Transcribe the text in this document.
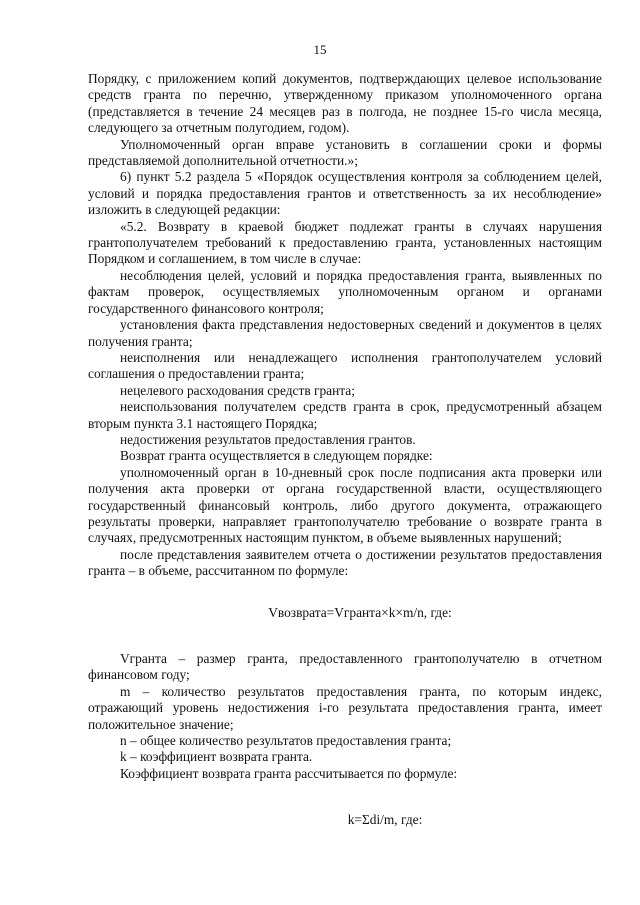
15

Порядку, с приложением копий документов, подтверждающих целевое использование средств гранта по перечню, утвержденному приказом уполномоченного органа (представляется в течение 24 месяцев раз в полгода, не позднее 15-го числа месяца, следующего за отчетным полугодием, годом).

Уполномоченный орган вправе установить в соглашении сроки и формы представляемой дополнительной отчетности.»;

6) пункт 5.2 раздела 5 «Порядок осуществления контроля за соблюдением целей, условий и порядка предоставления грантов и ответственность за их несоблюдение» изложить в следующей редакции:

«5.2. Возврату в краевой бюджет подлежат гранты в случаях нарушения грантополучателем требований к предоставлению гранта, установленных настоящим Порядком и соглашением, в том числе в случае:

несоблюдения целей, условий и порядка предоставления гранта, выявленных по фактам проверок, осуществляемых уполномоченным органом и органами государственного финансового контроля;

установления факта представления недостоверных сведений и документов в целях получения гранта;

неисполнения или ненадлежащего исполнения грантополучателем условий соглашения о предоставлении гранта;

нецелевого расходования средств гранта;

неиспользования получателем средств гранта в срок, предусмотренный абзацем вторым пункта 3.1 настоящего Порядка;

недостижения результатов предоставления грантов.

Возврат гранта осуществляется в следующем порядке:

уполномоченный орган в 10-дневный срок после подписания акта проверки или получения акта проверки от органа государственной власти, осуществляющего государственный финансовый контроль, либо другого документа, отражающего результаты проверки, направляет грантополучателю требование о возврате гранта в случаях, предусмотренных настоящим пунктом, в объеме выявленных нарушений;

после представления заявителем отчета о достижении результатов предоставления гранта – в объеме, рассчитанном по формуле:

Vвозврата=Vгранта×k×m/n, где:

Vгранта – размер гранта, предоставленного грантополучателю в отчетном финансовом году;

m – количество результатов предоставления гранта, по которым индекс, отражающий уровень недостижения i-го результата предоставления гранта, имеет положительное значение;

n – общее количество результатов предоставления гранта;

k – коэффициент возврата гранта.

Коэффициент возврата гранта рассчитывается по формуле:

k=Σdi/m, где:
